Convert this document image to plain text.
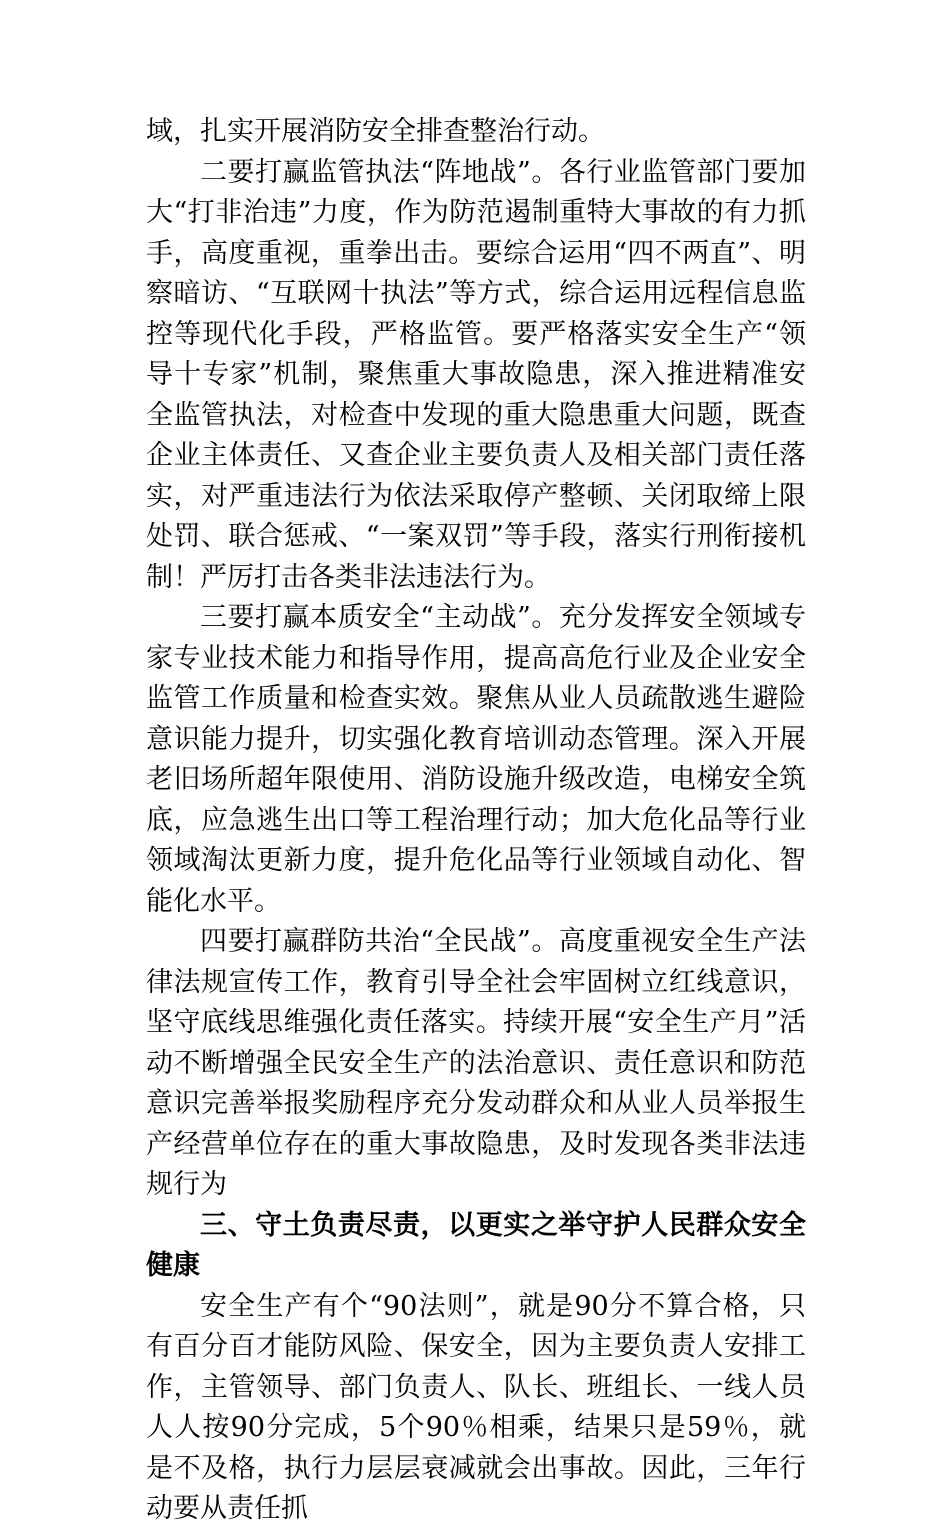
域，扎实开展消防安全排查整治行动。

二要打赢监管执法“阵地战”。各行业监管部门要加大“打非治违”力度，作为防范遏制重特大事故的有力抓手，高度重视，重拳出击。要综合运用“四不两直”、明察暗访、“互联网十执法”等方式，综合运用远程信息监控等现代化手段，严格监管。要严格落实安全生产“领导十专家”机制，聚焦重大事故隐患，深入推进精准安全监管执法，对检查中发现的重大隐患重大问题，既查企业主体责任、又查企业主要负责人及相关部门责任落实，对严重违法行为依法采取停产整顿、关闭取缔上限处罚、联合惩戒、“一案双罚”等手段，落实行刑衔接机制！严厉打击各类非法违法行为。

三要打赢本质安全“主动战”。充分发挥安全领域专家专业技术能力和指导作用，提高高危行业及企业安全监管工作质量和检查实效。聚焦从业人员疏散逃生避险意识能力提升，切实强化教育培训动态管理。深入开展老旧场所超年限使用、消防设施升级改造，电梯安全筑底，应急逃生出口等工程治理行动；加大危化品等行业领域淘汰更新力度，提升危化品等行业领域自动化、智能化水平。

四要打赢群防共治“全民战”。高度重视安全生产法律法规宣传工作，教育引导全社会牢固树立红线意识，坚守底线思维强化责任落实。持续开展“安全生产月”活动不断增强全民安全生产的法治意识、责任意识和防范意识完善举报奖励程序充分发动群众和从业人员举报生产经营单位存在的重大事故隐患，及时发现各类非法违规行为

三、守土负责尽责，以更实之举守护人民群众安全健康

安全生产有个“90法则”，就是90分不算合格，只有百分百才能防风险、保安全，因为主要负责人安排工作，主管领导、部门负责人、队长、班组长、一线人员人人按90分完成，5个90％相乘，结果只是59％，就是不及格，执行力层层衰减就会出事故。因此，三年行动要从责任抓
